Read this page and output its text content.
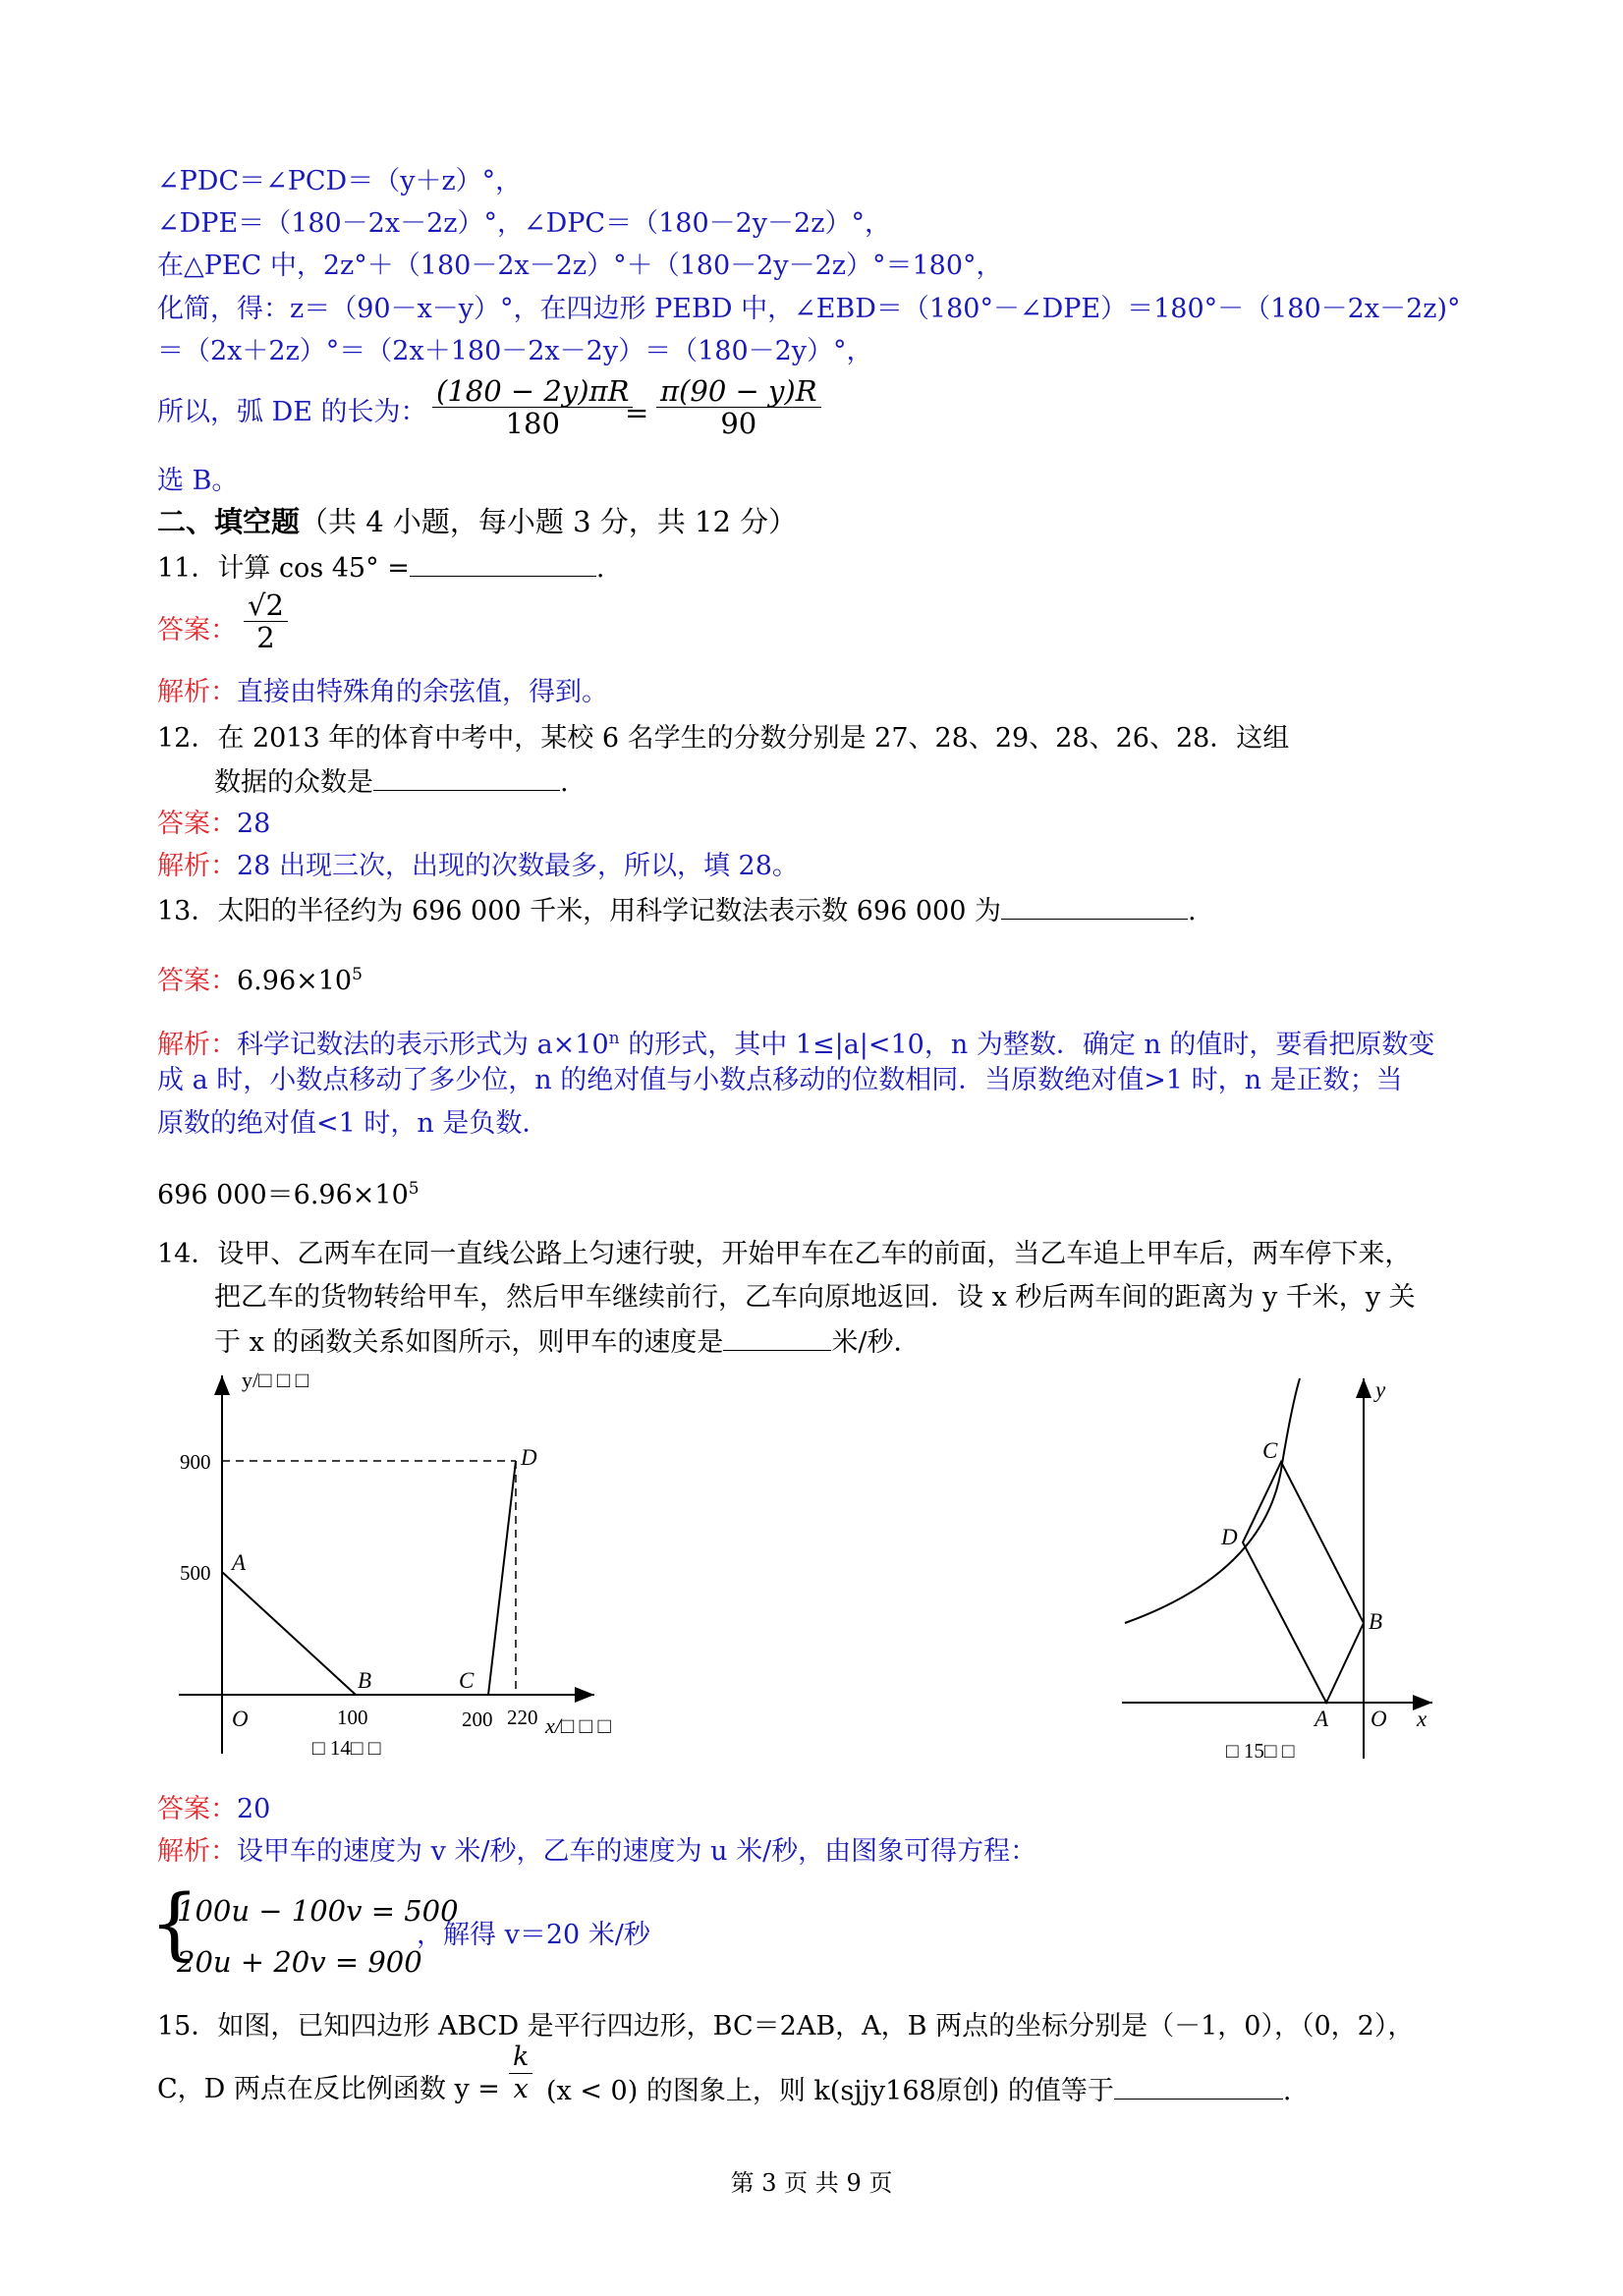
∠PDC＝∠PCD＝（y＋z）°，
∠DPE＝（180－2x－2z）°，∠DPC＝（180－2y－2z）°，
在△PEC 中，2z°＋（180－2x－2z）°＋（180－2y－2z）°＝180°，
化简，得：z＝（90－x－y）°，在四边形 PEBD 中，∠EBD＝（180°－∠DPE）＝180°－（180－2x－2z)°
＝（2x＋2z）°＝（2x＋180－2x－2y）＝（180－2y）°，
所以，弧 DE 的长为： $\frac{(180 - 2y)\pi R}{180}$
= $\frac{\pi(90 - y)R}{90}$
选 B。
二、填空题（共 4 小题，每小题 3 分，共 12 分）
11．计算 cos 45° =	.
答案： $\frac{√2}{2}$
解析：直接由特殊角的余弦值，得到。
12．在 2013 年的体育中考中，某校 6 名学生的分数分别是 27、28、29、28、26、28．这组
数据的众数是	.
答案：28
解析：28 出现三次，出现的次数最多，所以，填 28。
13．太阳的半径约为 696 000 千米，用科学记数法表示数 696 000 为	.
答案：$6.96\times 10^5$
解析：科学记数法的表示形式为 $a\times 10^n$ 的形式，其中 1≤|a|<10，n 为整数．确定 n 的值时，要看把原数变
成 a 时，小数点移动了多少位，n 的绝对值与小数点移动的位数相同．当原数绝对值>1 时，n 是正数；当
原数的绝对值<1 时，n 是负数．
696 $000=6.96\times 10^5$
14．设甲、乙两车在同一直线公路上匀速行驶，开始甲车在乙车的前面，当乙车追上甲车后，两车停下来，
把乙车的货物转给甲车，然后甲车继续前行，乙车向原地返回．设 x 秒后两车间的距离为 y 千米，y 关
于 x 的函数关系如图所示，则甲车的速度是	米/秒．
y/□ □ □
x/□ □ □
900
500
100	200 220
O
A
B	C
D
□ 14□ □
y
x
O
A
B
C
D
□ 15□ □
答案：20
解析：设甲车的速度为 v 米/秒，乙车的速度为 u 米/秒，由图象可得方程：
{
100u − 100v = 500
20u + 20v = 900
，解得 v＝20 米/秒
15．如图，已知四边形 ABCD 是平行四边形，BC＝2AB，A，B 两点的坐标分别是（－1，0），（0，2），
C，D 两点在反比例函数 $y = \frac{k}{x} (x < 0)$ 的图象上，则 k(sjjy168原创) 的值等于	.
第 3 页 共 9 页
